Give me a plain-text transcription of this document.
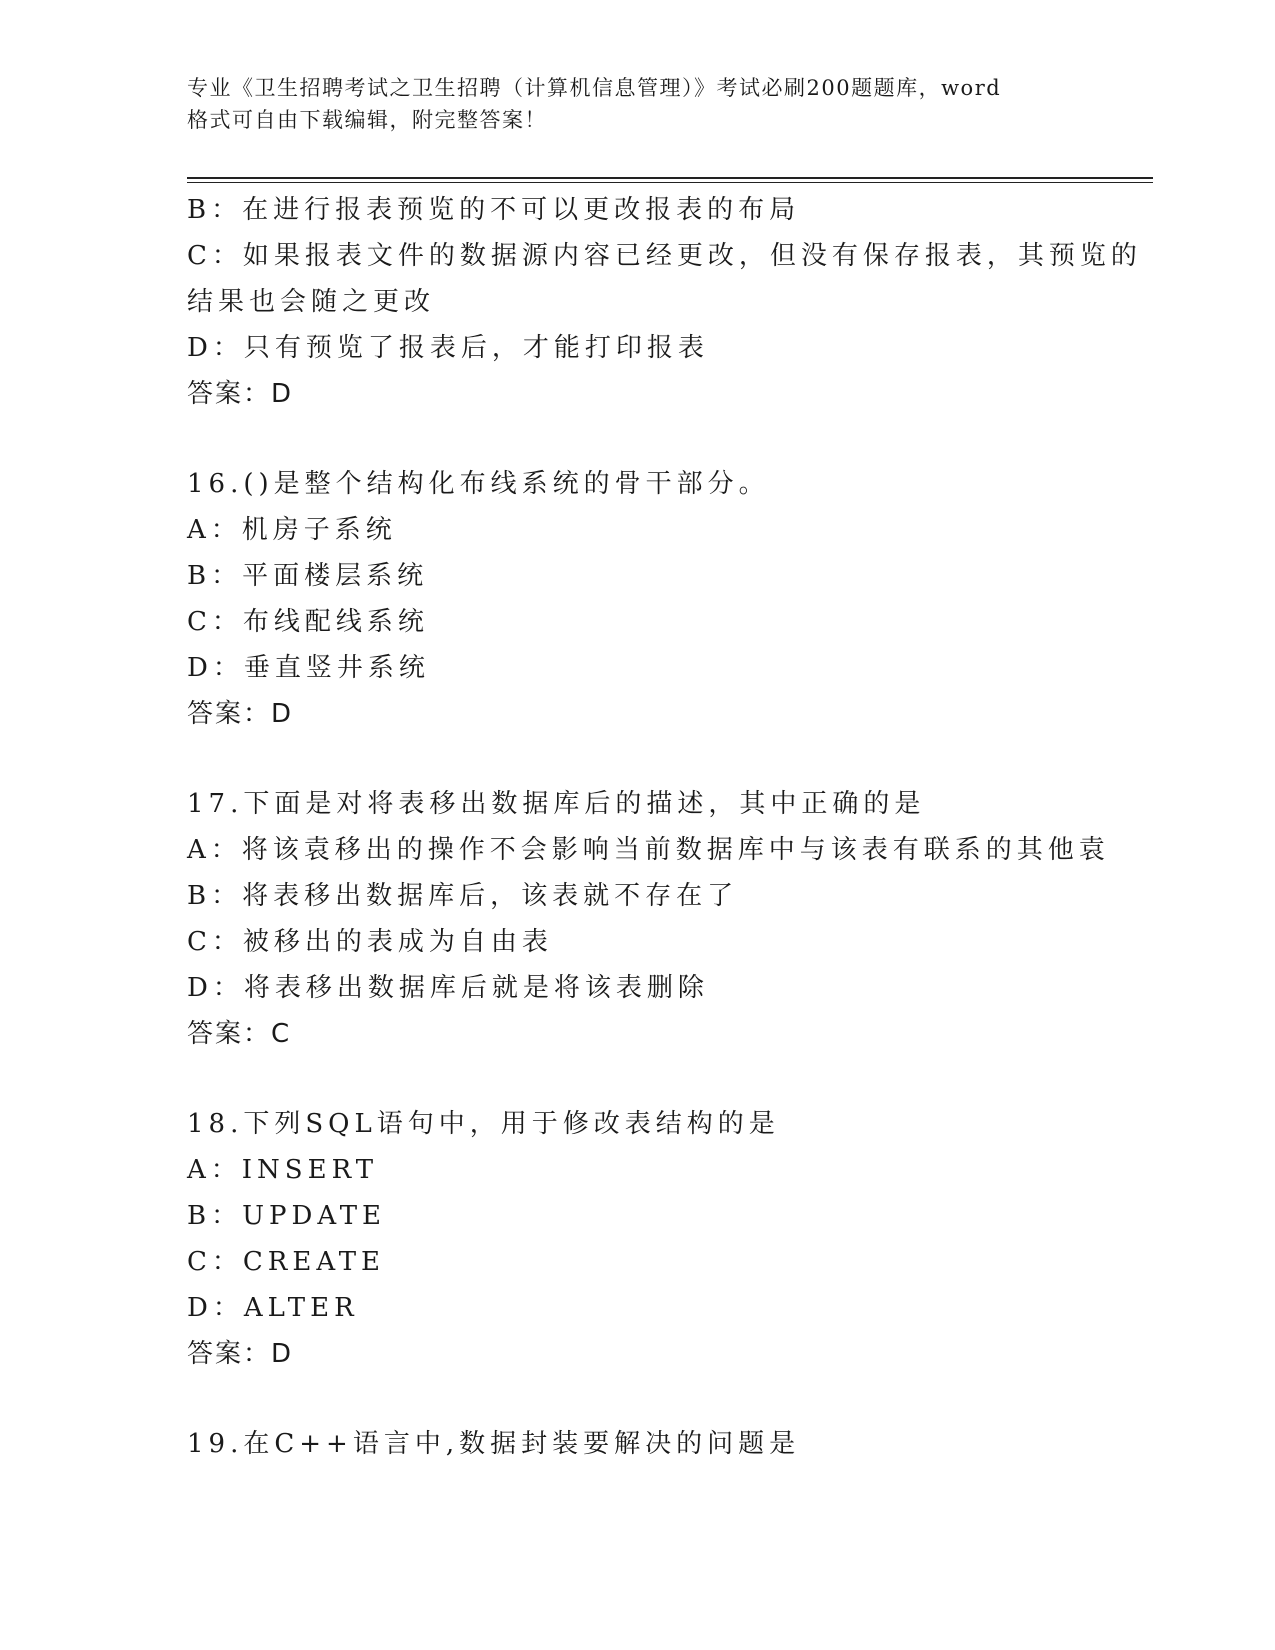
专业《卫生招聘考试之卫生招聘（计算机信息管理）》考试必刷200题题库，word
格式可自由下载编辑，附完整答案！
B：在进行报表预览的不可以更改报表的布局
C：如果报表文件的数据源内容已经更改，但没有保存报表，其预览的
结果也会随之更改
D：只有预览了报表后，才能打印报表
答案：D
16.()是整个结构化布线系统的骨干部分。
A：机房子系统
B：平面楼层系统
C：布线配线系统
D：垂直竖井系统
答案：D
17.下面是对将表移出数据库后的描述，其中正确的是
A：将该袁移出的操作不会影响当前数据库中与该表有联系的其他袁
B：将表移出数据库后，该表就不存在了
C：被移出的表成为自由表
D：将表移出数据库后就是将该表删除
答案：C
18.下列SQL语句中，用于修改表结构的是
A：INSERT
B：UPDATE
C：CREATE
D：ALTER
答案：D
19.在C++语言中,数据封装要解决的问题是
